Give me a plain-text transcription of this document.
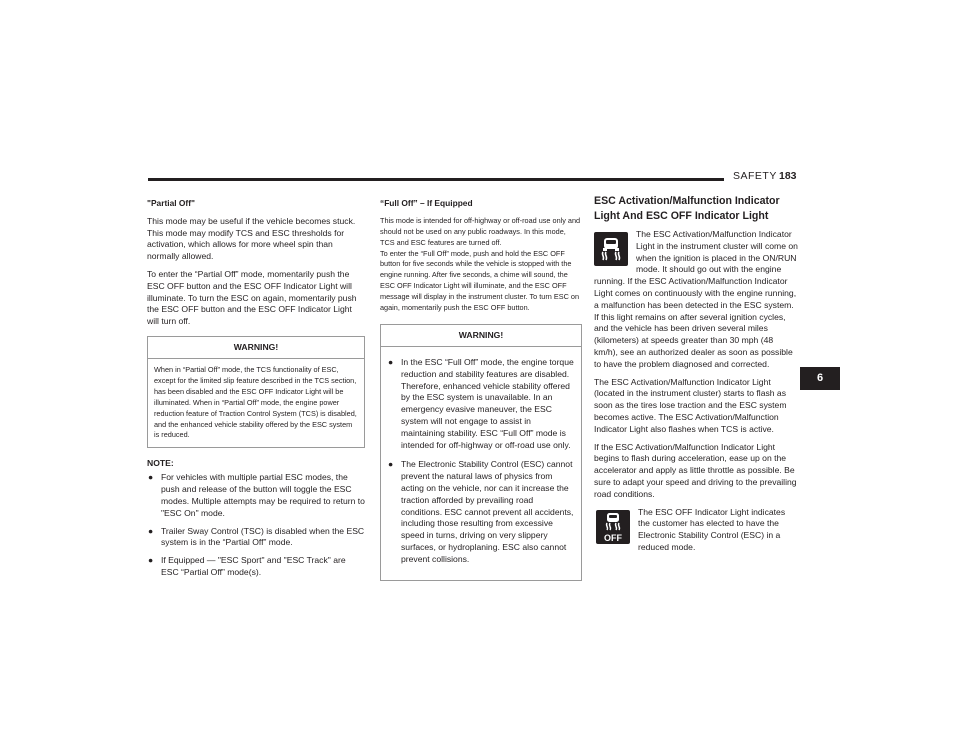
SAFETY 183

"Partial Off"

This mode may be useful if the vehicle becomes stuck. This mode may modify TCS and ESC thresholds for activation, which allows for more wheel spin than normally allowed.

To enter the “Partial Off” mode, momentarily push the ESC OFF button and the ESC OFF Indicator Light will illuminate. To turn the ESC on again, momentarily push the ESC OFF button and the ESC OFF Indicator Light will turn off.

WARNING!
When in “Partial Off” mode, the TCS functionality of ESC, except for the limited slip feature described in the TCS section, has been disabled and the ESC OFF Indicator Light will be illuminated. When in “Partial Off” mode, the engine power reduction feature of Traction Control System (TCS) is disabled, and the enhanced vehicle stability offered by the ESC system is reduced.
NOTE:
● For vehicles with multiple partial ESC modes, the push and release of the button will toggle the ESC modes. Multiple attempts may be required to return to "ESC On" mode.
● Trailer Sway Control (TSC) is disabled when the ESC system is in the “Partial Off” mode.
● If Equipped — "ESC Sport" and "ESC Track" are ESC “Partial Off” mode(s).

“Full Off” – If Equipped

This mode is intended for off-highway or off-road use only and should not be used on any public roadways. In this mode, TCS and ESC features are turned off.

To enter the “Full Off” mode, push and hold the ESC OFF button for five seconds while the vehicle is stopped with the engine running. After five seconds, a chime will sound, the ESC OFF Indicator Light will illuminate, and the ESC OFF message will display in the instrument cluster. To turn ESC on again, momentarily push the ESC OFF button.

WARNING!
● In the ESC “Full Off” mode, the engine torque reduction and stability features are disabled. Therefore, enhanced vehicle stability offered by the ESC system is unavailable. In an emergency evasive maneuver, the ESC system will not engage to assist in maintaining stability. ESC “Full Off” mode is intended for off-highway or off-road use only.
● The Electronic Stability Control (ESC) cannot prevent the natural laws of physics from acting on the vehicle, nor can it increase the traction afforded by prevailing road conditions. ESC cannot prevent all accidents, including those resulting from excessive speed in turns, driving on very slippery surfaces, or hydroplaning. ESC also cannot prevent collisions.
ESC Activation/Malfunction Indicator Light And ESC OFF Indicator Light

The ESC Activation/Malfunction Indicator Light in the instrument cluster will come on when the ignition is placed in the ON/RUN mode. It should go out with the engine running. If the ESC Activation/Malfunction Indicator Light comes on continuously with the engine running, a malfunction has been detected in the ESC system. If this light remains on after several ignition cycles, and the vehicle has been driven several miles (kilometers) at speeds greater than 30 mph (48 km/h), see an authorized dealer as soon as possible to have the problem diagnosed and corrected.

The ESC Activation/Malfunction Indicator Light (located in the instrument cluster) starts to flash as soon as the tires lose traction and the ESC system becomes active. The ESC Activation/Malfunction Indicator Light also flashes when TCS is active.

If the ESC Activation/Malfunction Indicator Light begins to flash during acceleration, ease up on the accelerator and apply as little throttle as possible. Be sure to adapt your speed and driving to the prevailing road conditions.

OFF

The ESC OFF Indicator Light indicates the customer has elected to have the Electronic Stability Control (ESC) in a reduced mode.

6
